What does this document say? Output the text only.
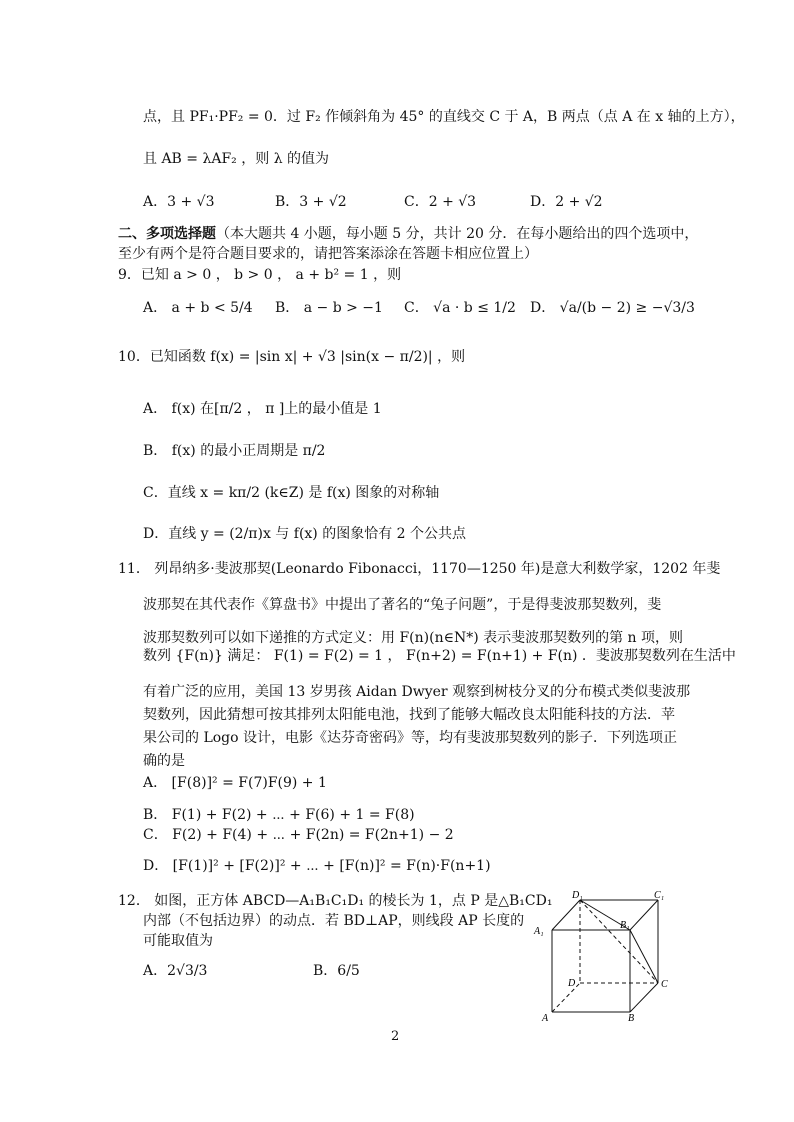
点，且 PF₁·PF₂ = 0．过 F₂ 作倾斜角为 45° 的直线交 C 于 A，B 两点（点 A 在 x 轴的上方），
且 AB = λAF₂ ，则 λ 的值为
A．3 + √3	B．3 + √2	C．2 + √3	D．2 + √2
二、多项选择题（本大题共 4 小题，每小题 5 分，共计 20 分．在每小题给出的四个选项中，
至少有两个是符合题目要求的，请把答案添涂在答题卡相应位置上）
9．已知 a > 0 ， b > 0 ， a + b² = 1 ，则
A． a + b < 5/4 B． a − b > −1 C． √a · b ≤ 1/2 D． √a/(b − 2) ≥ −√3/3
10．已知函数 f(x) = |sin x| + √3 |sin(x − π/2)| ，则
A． f(x) 在[π/2 ， π ]上的最小值是 1
B． f(x) 的最小正周期是 π/2
C．直线 x = kπ/2 (k∈Z) 是 f(x) 图象的对称轴
D．直线 y = (2/π)x 与 f(x) 的图象恰有 2 个公共点
11． 列昂纳多·斐波那契(Leonardo Fibonacci，1170—1250 年)是意大利数学家，1202 年斐
波那契在其代表作《算盘书》中提出了著名的“兔子问题”，于是得斐波那契数列，斐
波那契数列可以如下递推的方式定义：用 F(n)(n∈N*) 表示斐波那契数列的第 n 项，则
数列 {F(n)} 满足： F(1) = F(2) = 1 ， F(n+2) = F(n+1) + F(n) ．斐波那契数列在生活中
有着广泛的应用，美国 13 岁男孩 Aidan Dwyer 观察到树枝分叉的分布模式类似斐波那
契数列，因此猜想可按其排列太阳能电池，找到了能够大幅改良太阳能科技的方法．苹
果公司的 Logo 设计，电影《达芬奇密码》等，均有斐波那契数列的影子．下列选项正
确的是
A． [F(8)]² = F(7)F(9) + 1
B． F(1) + F(2) + ⋯ + F(6) + 1 = F(8)
C． F(2) + F(4) + ⋯ + F(2n) = F(2n+1) − 2
D． [F(1)]² + [F(2)]² + ⋯ + [F(n)]² = F(n)·F(n+1)
12． 如图，正方体 ABCD—A₁B₁C₁D₁ 的棱长为 1，点 P 是△B₁CD₁
内部（不包括边界）的动点．若 BD⊥AP，则线段 AP 长度的
可能取值为
A．2√3/3	B．6/5
D₁	C₁
A₁
B₁
D	C
A	B
2
